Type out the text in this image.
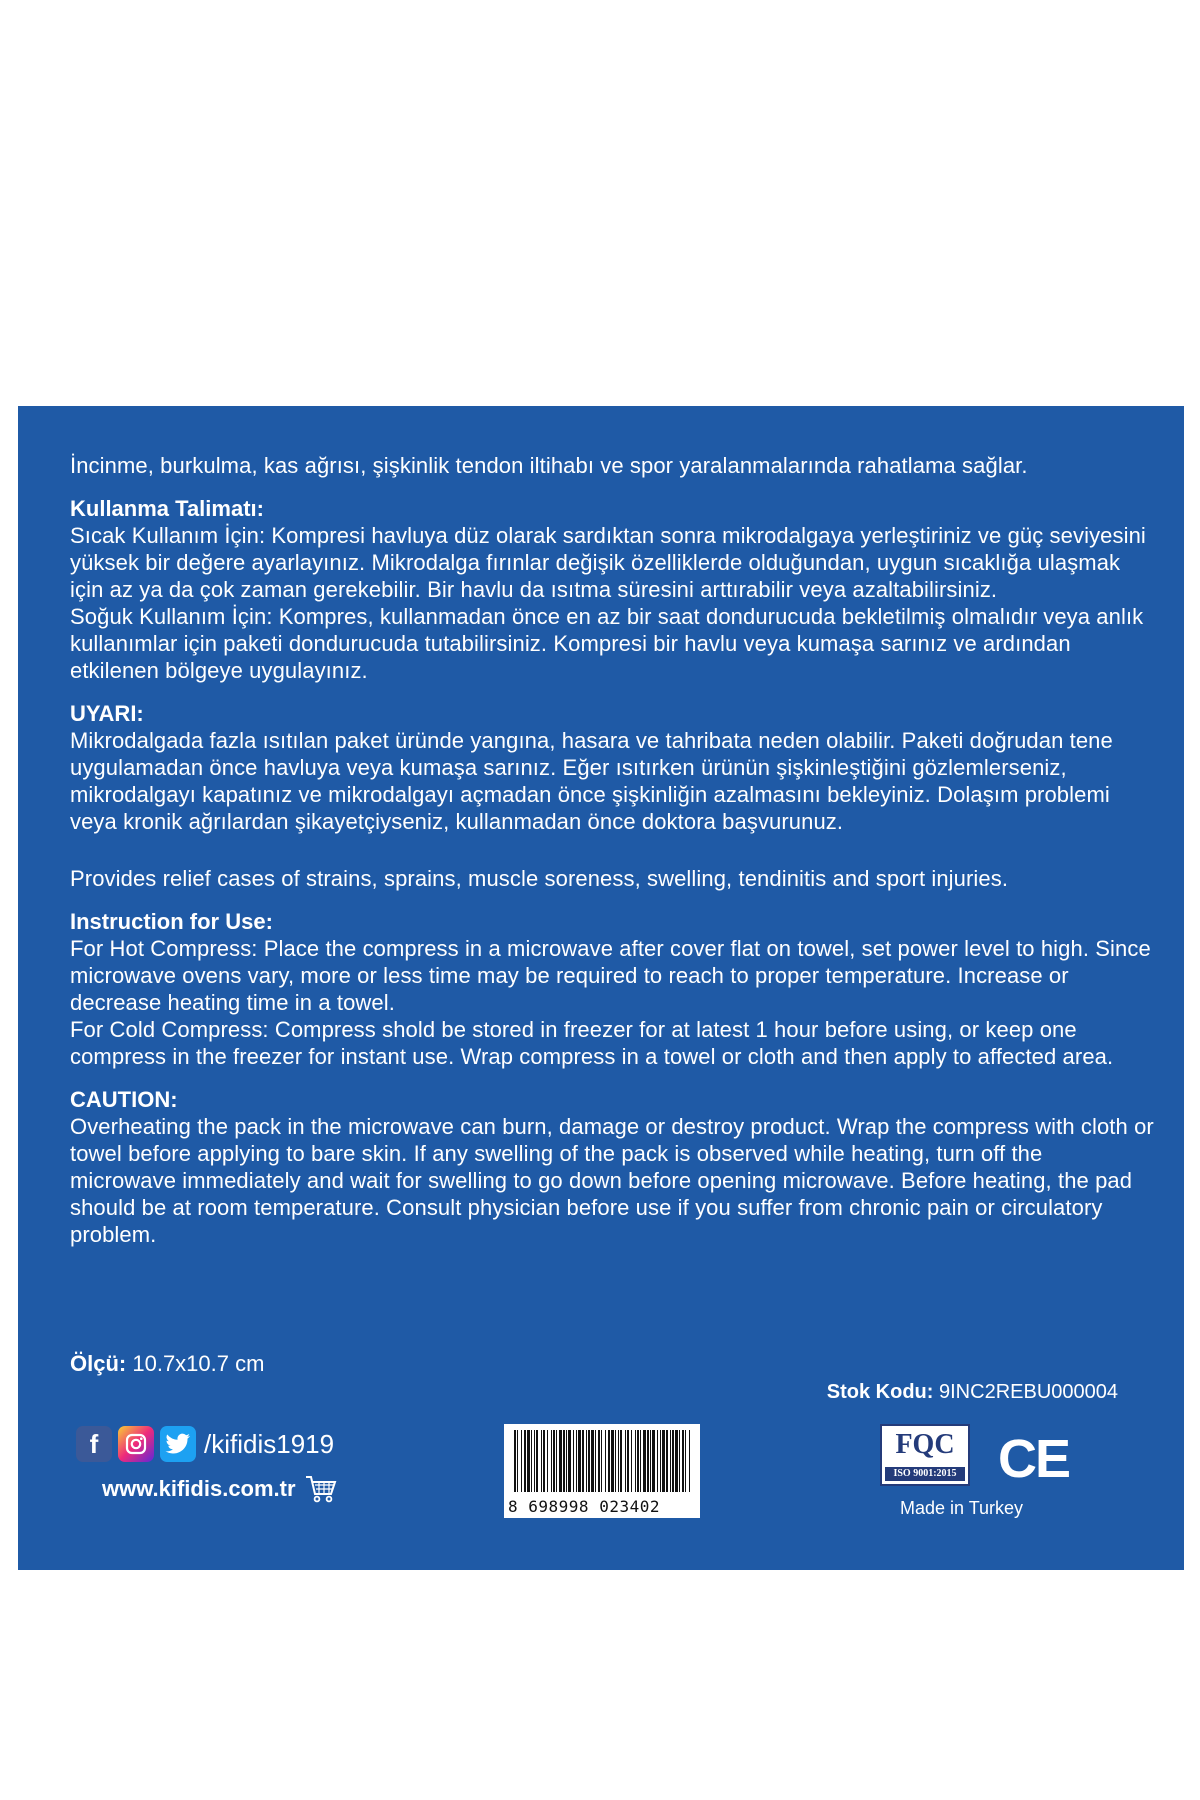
İncinme, burkulma, kas ağrısı, şişkinlik tendon iltihabı ve spor yaralanmalarında rahatlama sağlar.

Kullanma Talimatı:

Sıcak Kullanım İçin: Kompresi havluya düz olarak sardıktan sonra mikrodalgaya yerleştiriniz ve güç seviyesini yüksek bir değere ayarlayınız. Mikrodalga fırınlar değişik özelliklerde olduğundan, uygun sıcaklığa ulaşmak için az ya da çok zaman gerekebilir. Bir havlu da ısıtma süresini arttırabilir veya azaltabilirsiniz.

Soğuk Kullanım İçin: Kompres, kullanmadan önce en az bir saat dondurucuda bekletilmiş olmalıdır veya anlık kullanımlar için paketi dondurucuda tutabilirsiniz. Kompresi bir havlu veya kumaşa sarınız ve ardından etkilenen bölgeye uygulayınız.

UYARI:

Mikrodalgada fazla ısıtılan paket üründe yangına, hasara ve tahribata neden olabilir. Paketi doğrudan tene uygulamadan önce havluya veya kumaşa sarınız. Eğer ısıtırken ürünün şişkinleştiğini gözlemlerseniz, mikrodalgayı kapatınız ve mikrodalgayı açmadan önce şişkinliğin azalmasını bekleyiniz. Dolaşım problemi veya kronik ağrılardan şikayetçiyseniz, kullanmadan önce doktora başvurunuz.

Provides relief cases of strains, sprains, muscle soreness, swelling, tendinitis and sport injuries.

Instruction for Use:

For Hot Compress: Place the compress in a microwave after cover flat on towel, set power level to high. Since microwave ovens vary, more or less time may be required to reach to proper temperature. Increase or decrease heating time in a towel.

For Cold Compress: Compress shold be stored in freezer for at latest 1 hour before using, or keep one compress in the freezer for instant use. Wrap compress in a towel or cloth and then apply to affected area.

CAUTION:

Overheating the pack in the microwave can burn, damage or destroy product. Wrap the compress with cloth or towel before applying to bare skin. If any swelling of the pack is observed while heating, turn off the microwave immediately and wait for swelling to go down before opening microwave. Before heating, the pad should be at room temperature. Consult physician before use if you suffer from chronic pain or circulatory problem.

Ölçü: 10.7x10.7 cm
Stok Kodu: 9INC2REBU000004
f	/kifidis1919
www.kifidis.com.tr
8 698998 023402
FQC
ISO 9001:2015 CE
Made in Turkey
